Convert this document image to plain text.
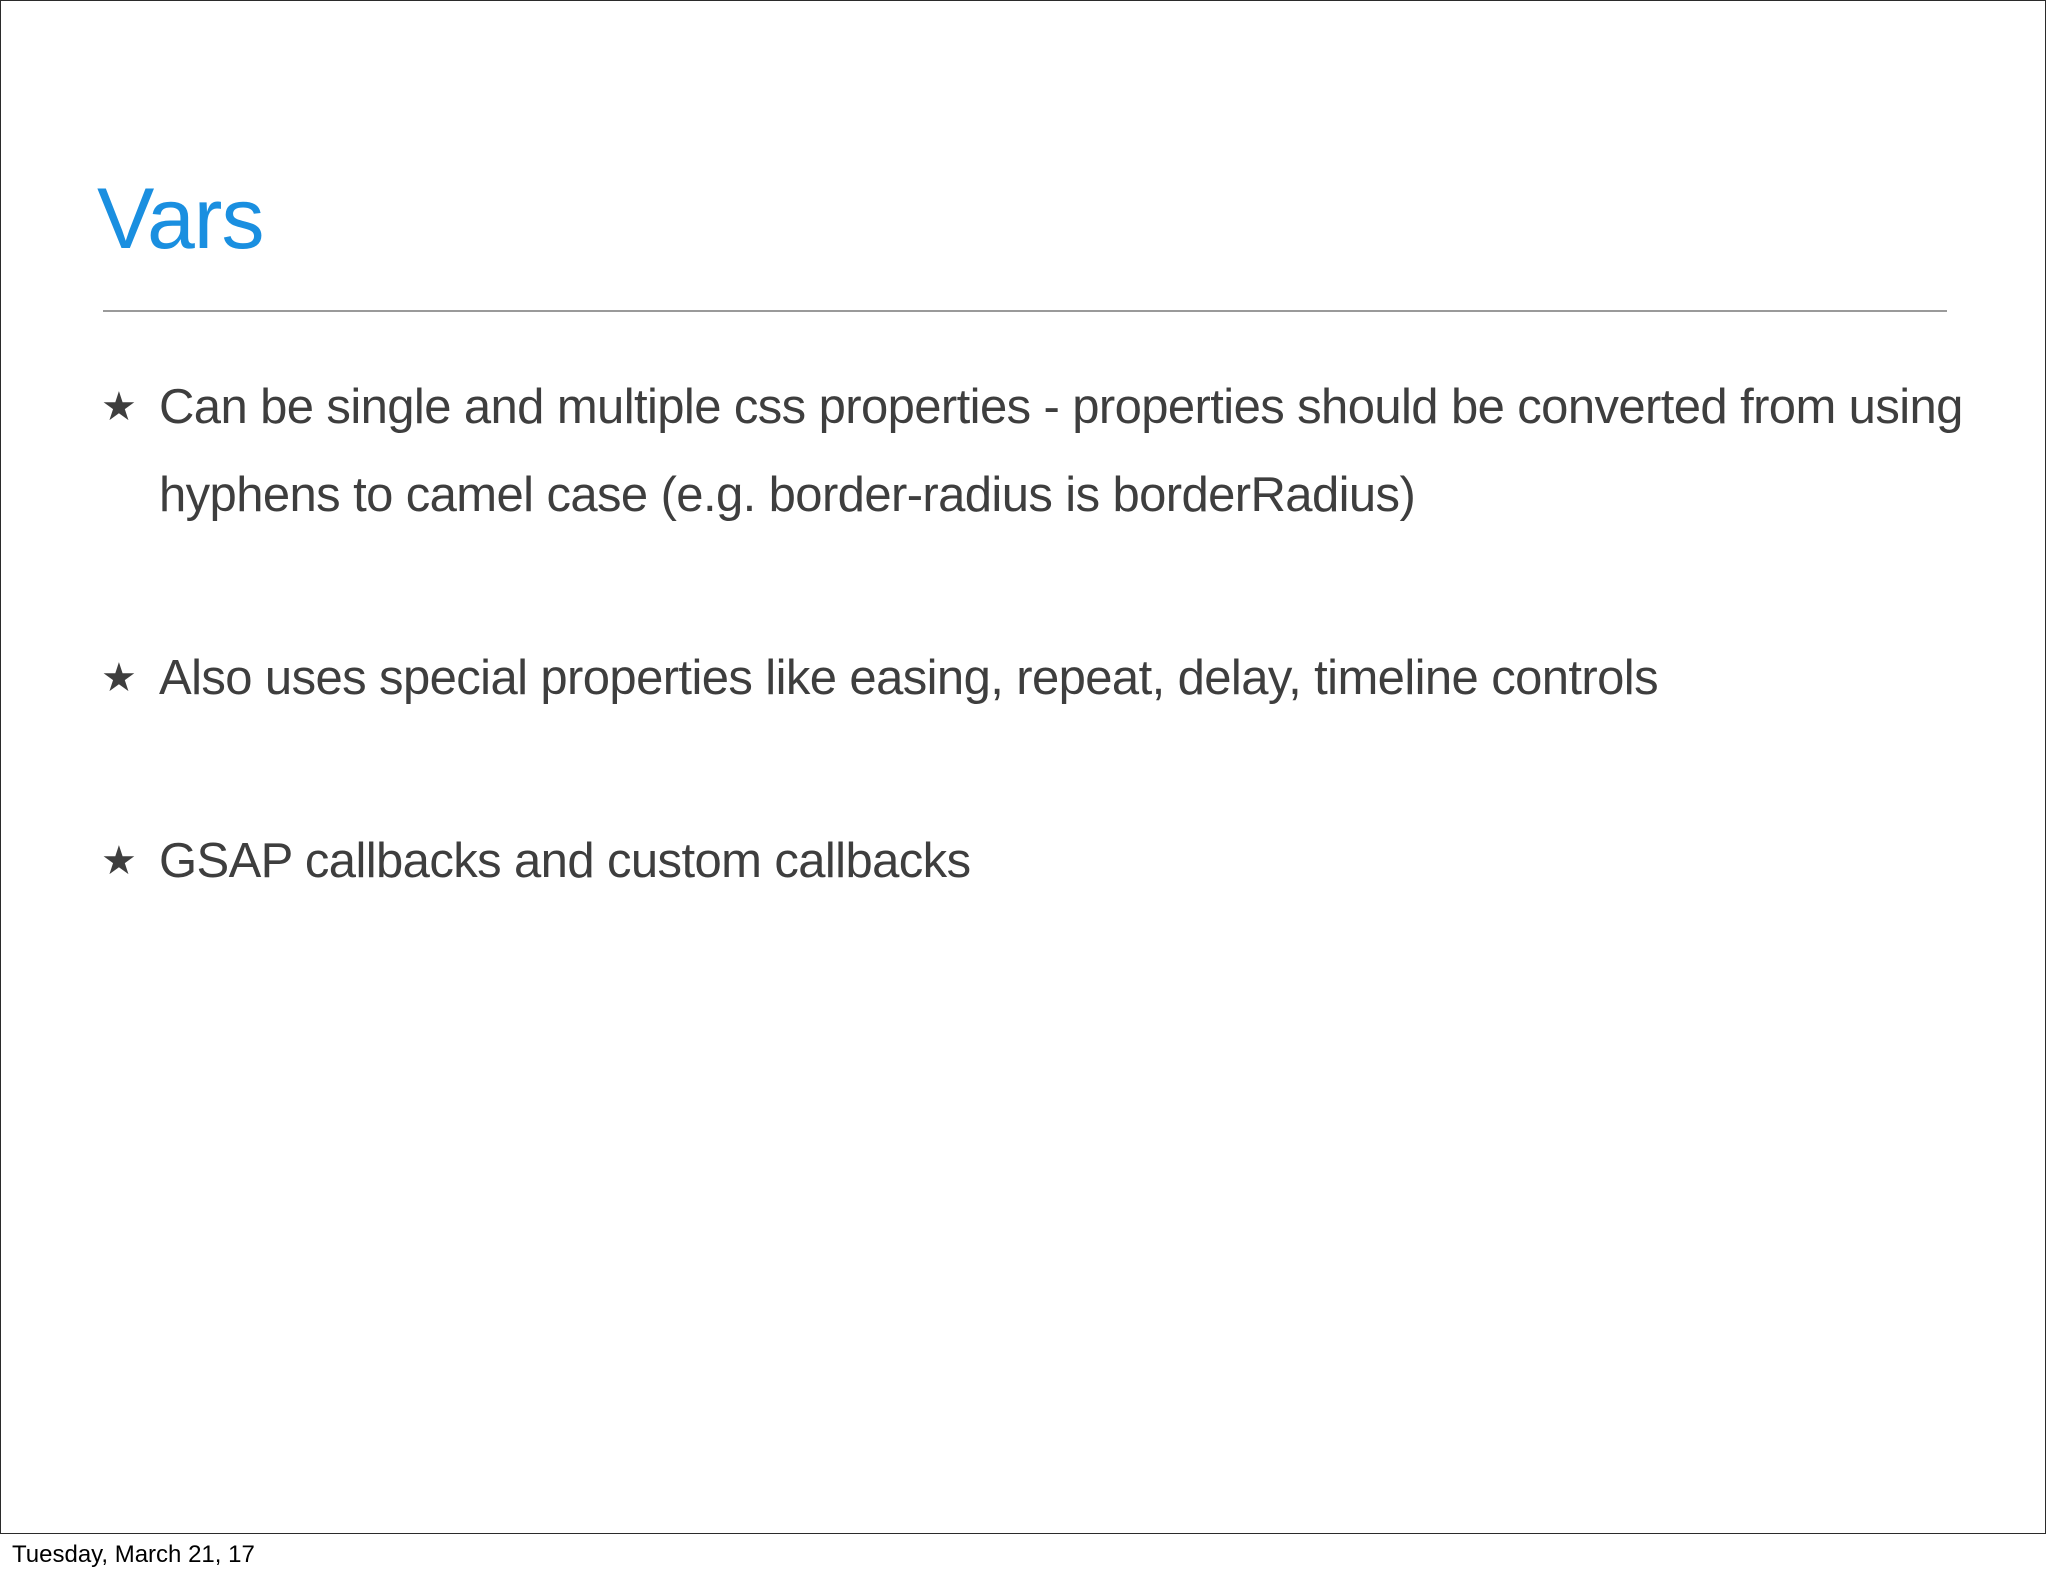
Vars
★ Can be single and multiple css properties - properties should be converted from using hyphens to camel case (e.g. border-radius is borderRadius)
★ Also uses special properties like easing, repeat, delay, timeline controls
★ GSAP callbacks and custom callbacks
Tuesday, March 21, 17
